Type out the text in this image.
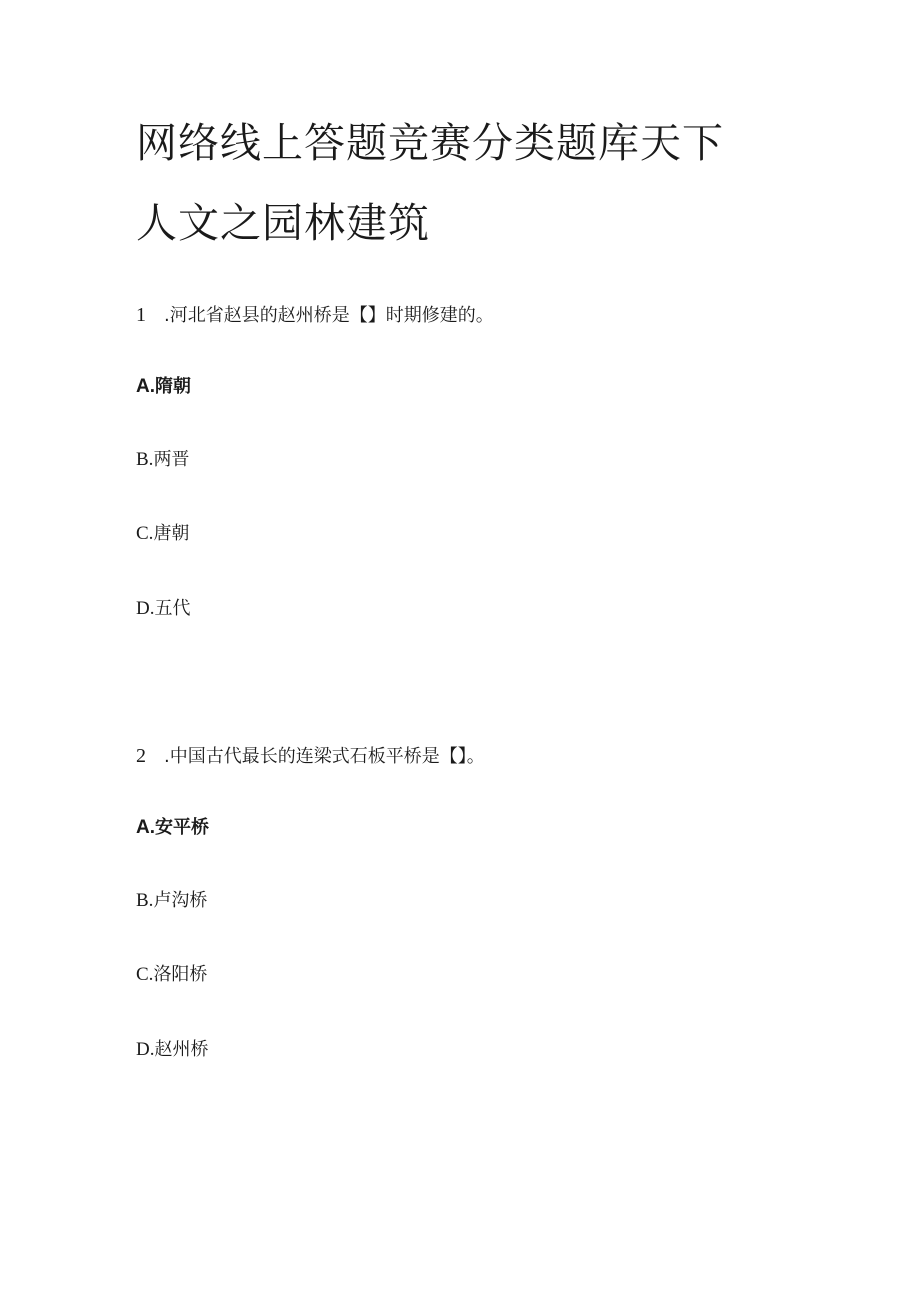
网络线上答题竞赛分类题库天下
人文之园林建筑

1 .河北省赵县的赵州桥是【】时期修建的。

A.隋朝
B.两晋
C.唐朝
D.五代

2 .中国古代最长的连梁式石板平桥是【】。

A.安平桥
B.卢沟桥
C.洛阳桥
D.赵州桥
